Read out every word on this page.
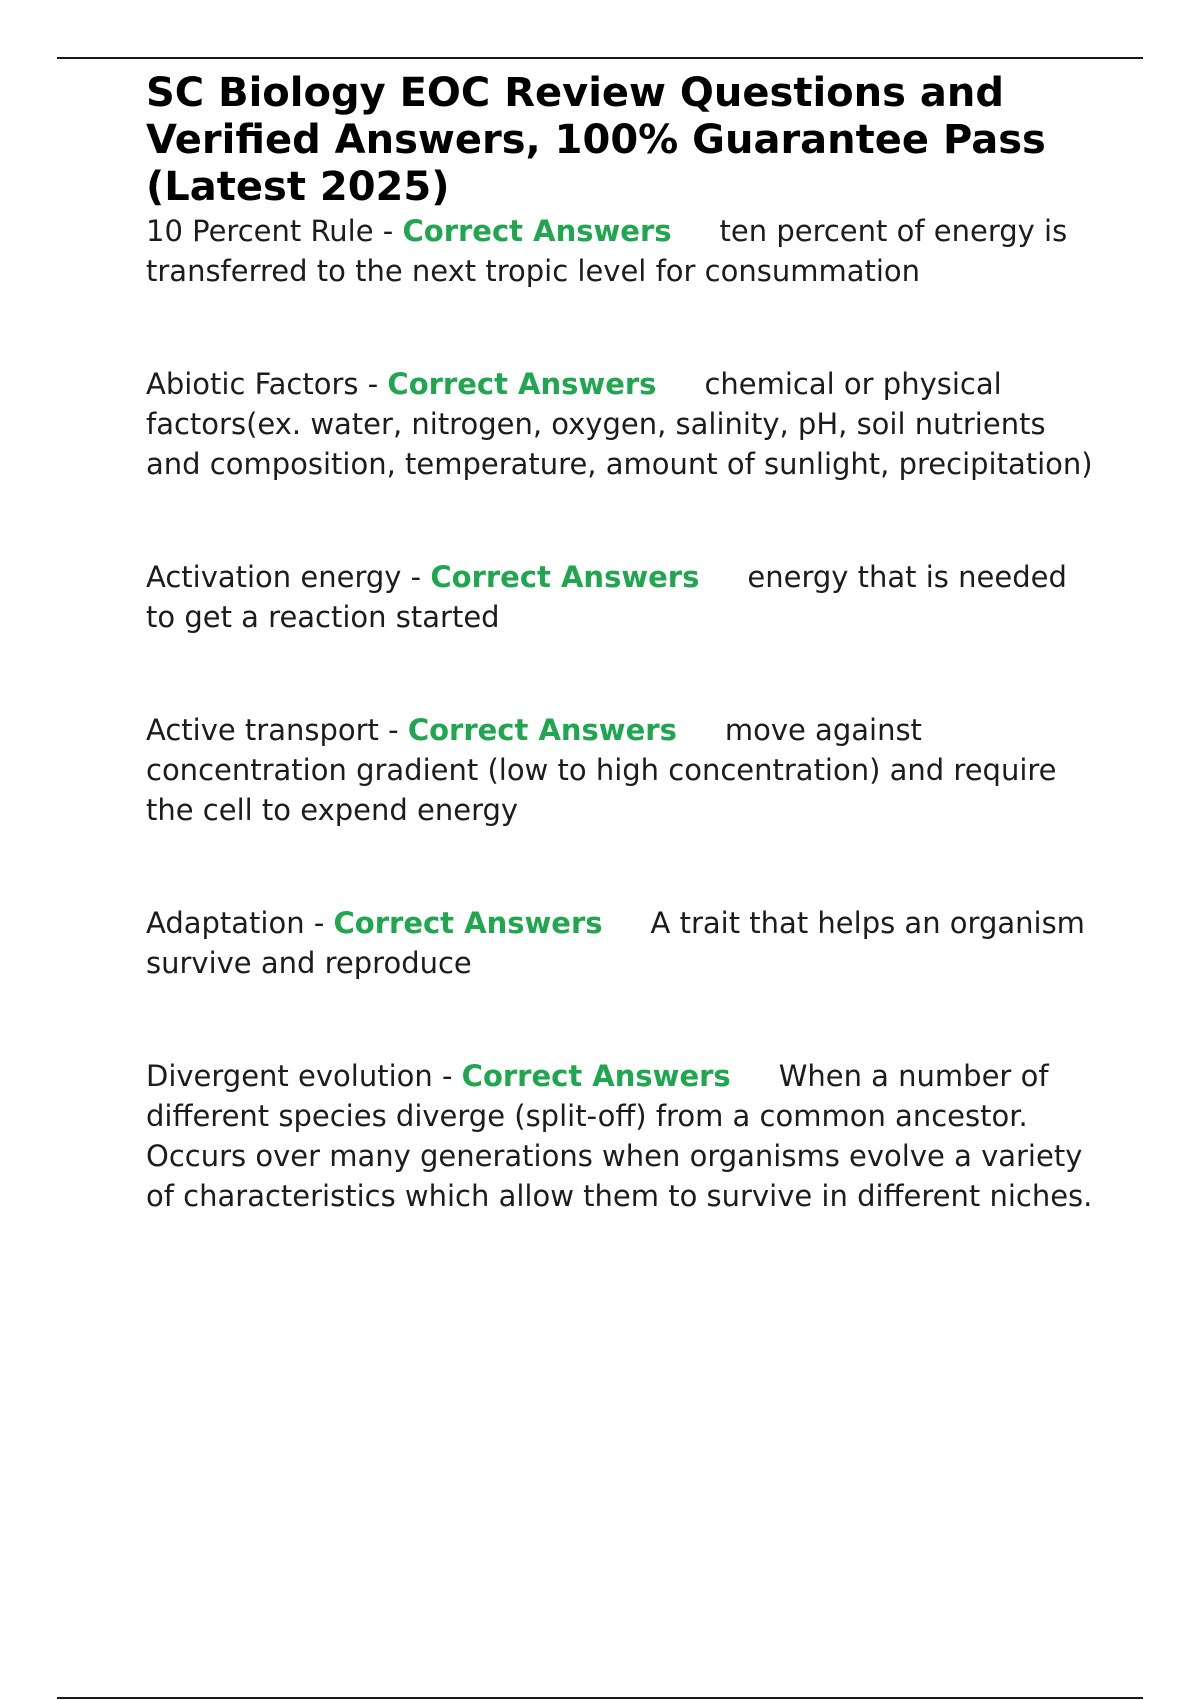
SC Biology EOC Review Questions and Verified Answers, 100% Guarantee Pass (Latest 2025)

10 Percent Rule - Correct Answers ten percent of energy is transferred to the next tropic level for consummation

Abiotic Factors - Correct Answers chemical or physical factors(ex. water, nitrogen, oxygen, salinity, pH, soil nutrients and composition, temperature, amount of sunlight, precipitation)

Activation energy - Correct Answers energy that is needed to get a reaction started

Active transport - Correct Answers move against concentration gradient (low to high concentration) and require the cell to expend energy

Adaptation - Correct Answers A trait that helps an organism survive and reproduce

Divergent evolution - Correct Answers When a number of different species diverge (split-off) from a common ancestor. Occurs over many generations when organisms evolve a variety of characteristics which allow them to survive in different niches.
